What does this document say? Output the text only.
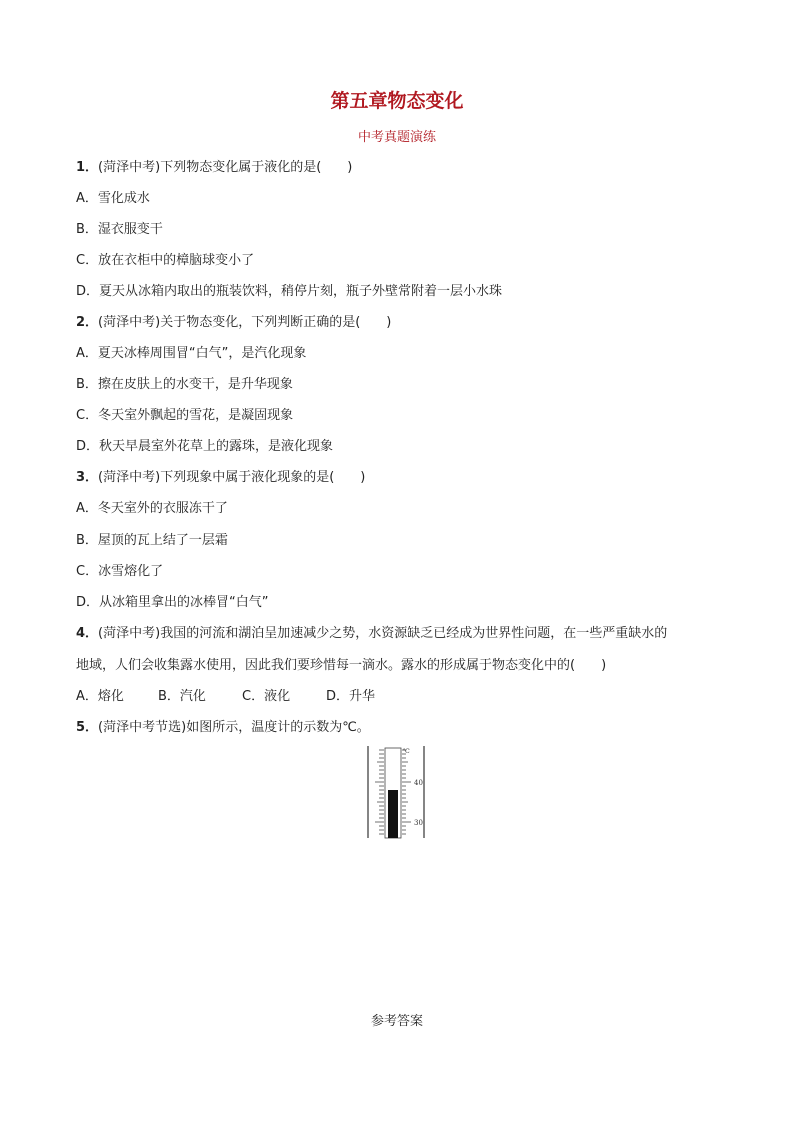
第五章物态变化
中考真题演练
1．(菏泽中考)下列物态变化属于液化的是(　　)
A．雪化成水
B．湿衣服变干
C．放在衣柜中的樟脑球变小了
D．夏天从冰箱内取出的瓶装饮料，稍停片刻，瓶子外壁常附着一层小水珠
2．(菏泽中考)关于物态变化，下列判断正确的是(　　)
A．夏天冰棒周围冒“白气”，是汽化现象
B．擦在皮肤上的水变干，是升华现象
C．冬天室外飘起的雪花，是凝固现象
D．秋天早晨室外花草上的露珠，是液化现象
3．(菏泽中考)下列现象中属于液化现象的是(　　)
A．冬天室外的衣服冻干了
B．屋顶的瓦上结了一层霜
C．冰雪熔化了
D．从冰箱里拿出的冰棒冒“白气”
4．(菏泽中考)我国的河流和湖泊呈加速减少之势，水资源缺乏已经成为世界性问题，在一些严重缺水的
地域，人们会收集露水使用，因此我们要珍惜每一滴水。露水的形成属于物态变化中的(　　)
A．熔化	B．汽化	C．液化	D．升华
5．(菏泽中考节选)如图所示，温度计的示数为℃。
℃
40
30
参考答案
